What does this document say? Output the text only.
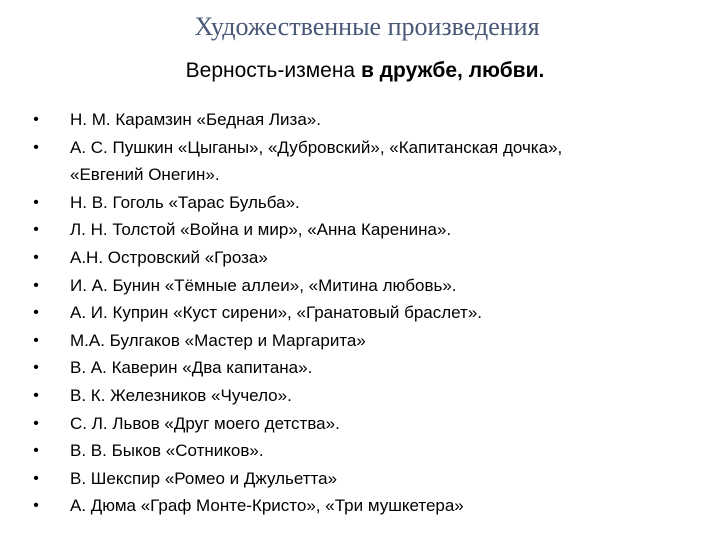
Художественные произведения
Верность-измена в дружбе, любви.
• Н. М. Карамзин «Бедная Лиза».
• А. С. Пушкин «Цыганы», «Дубровский», «Капитанская дочка»,
«Евгений Онегин».
• Н. В. Гоголь «Тарас Бульба».
• Л. Н. Толстой «Война и мир», «Анна Каренина».
• А.Н. Островский «Гроза»
• И. А. Бунин «Тёмные аллеи», «Митина любовь».
• А. И. Куприн «Куст сирени», «Гранатовый браслет».
• М.А. Булгаков «Мастер и Маргарита»
• В. А. Каверин «Два капитана».
• В. К. Железников «Чучело».
• С. Л. Львов «Друг моего детства».
• В. В. Быков «Сотников».
• В. Шекспир «Ромео и Джульетта»
• А. Дюма «Граф Монте-Кристо», «Три мушкетера»
